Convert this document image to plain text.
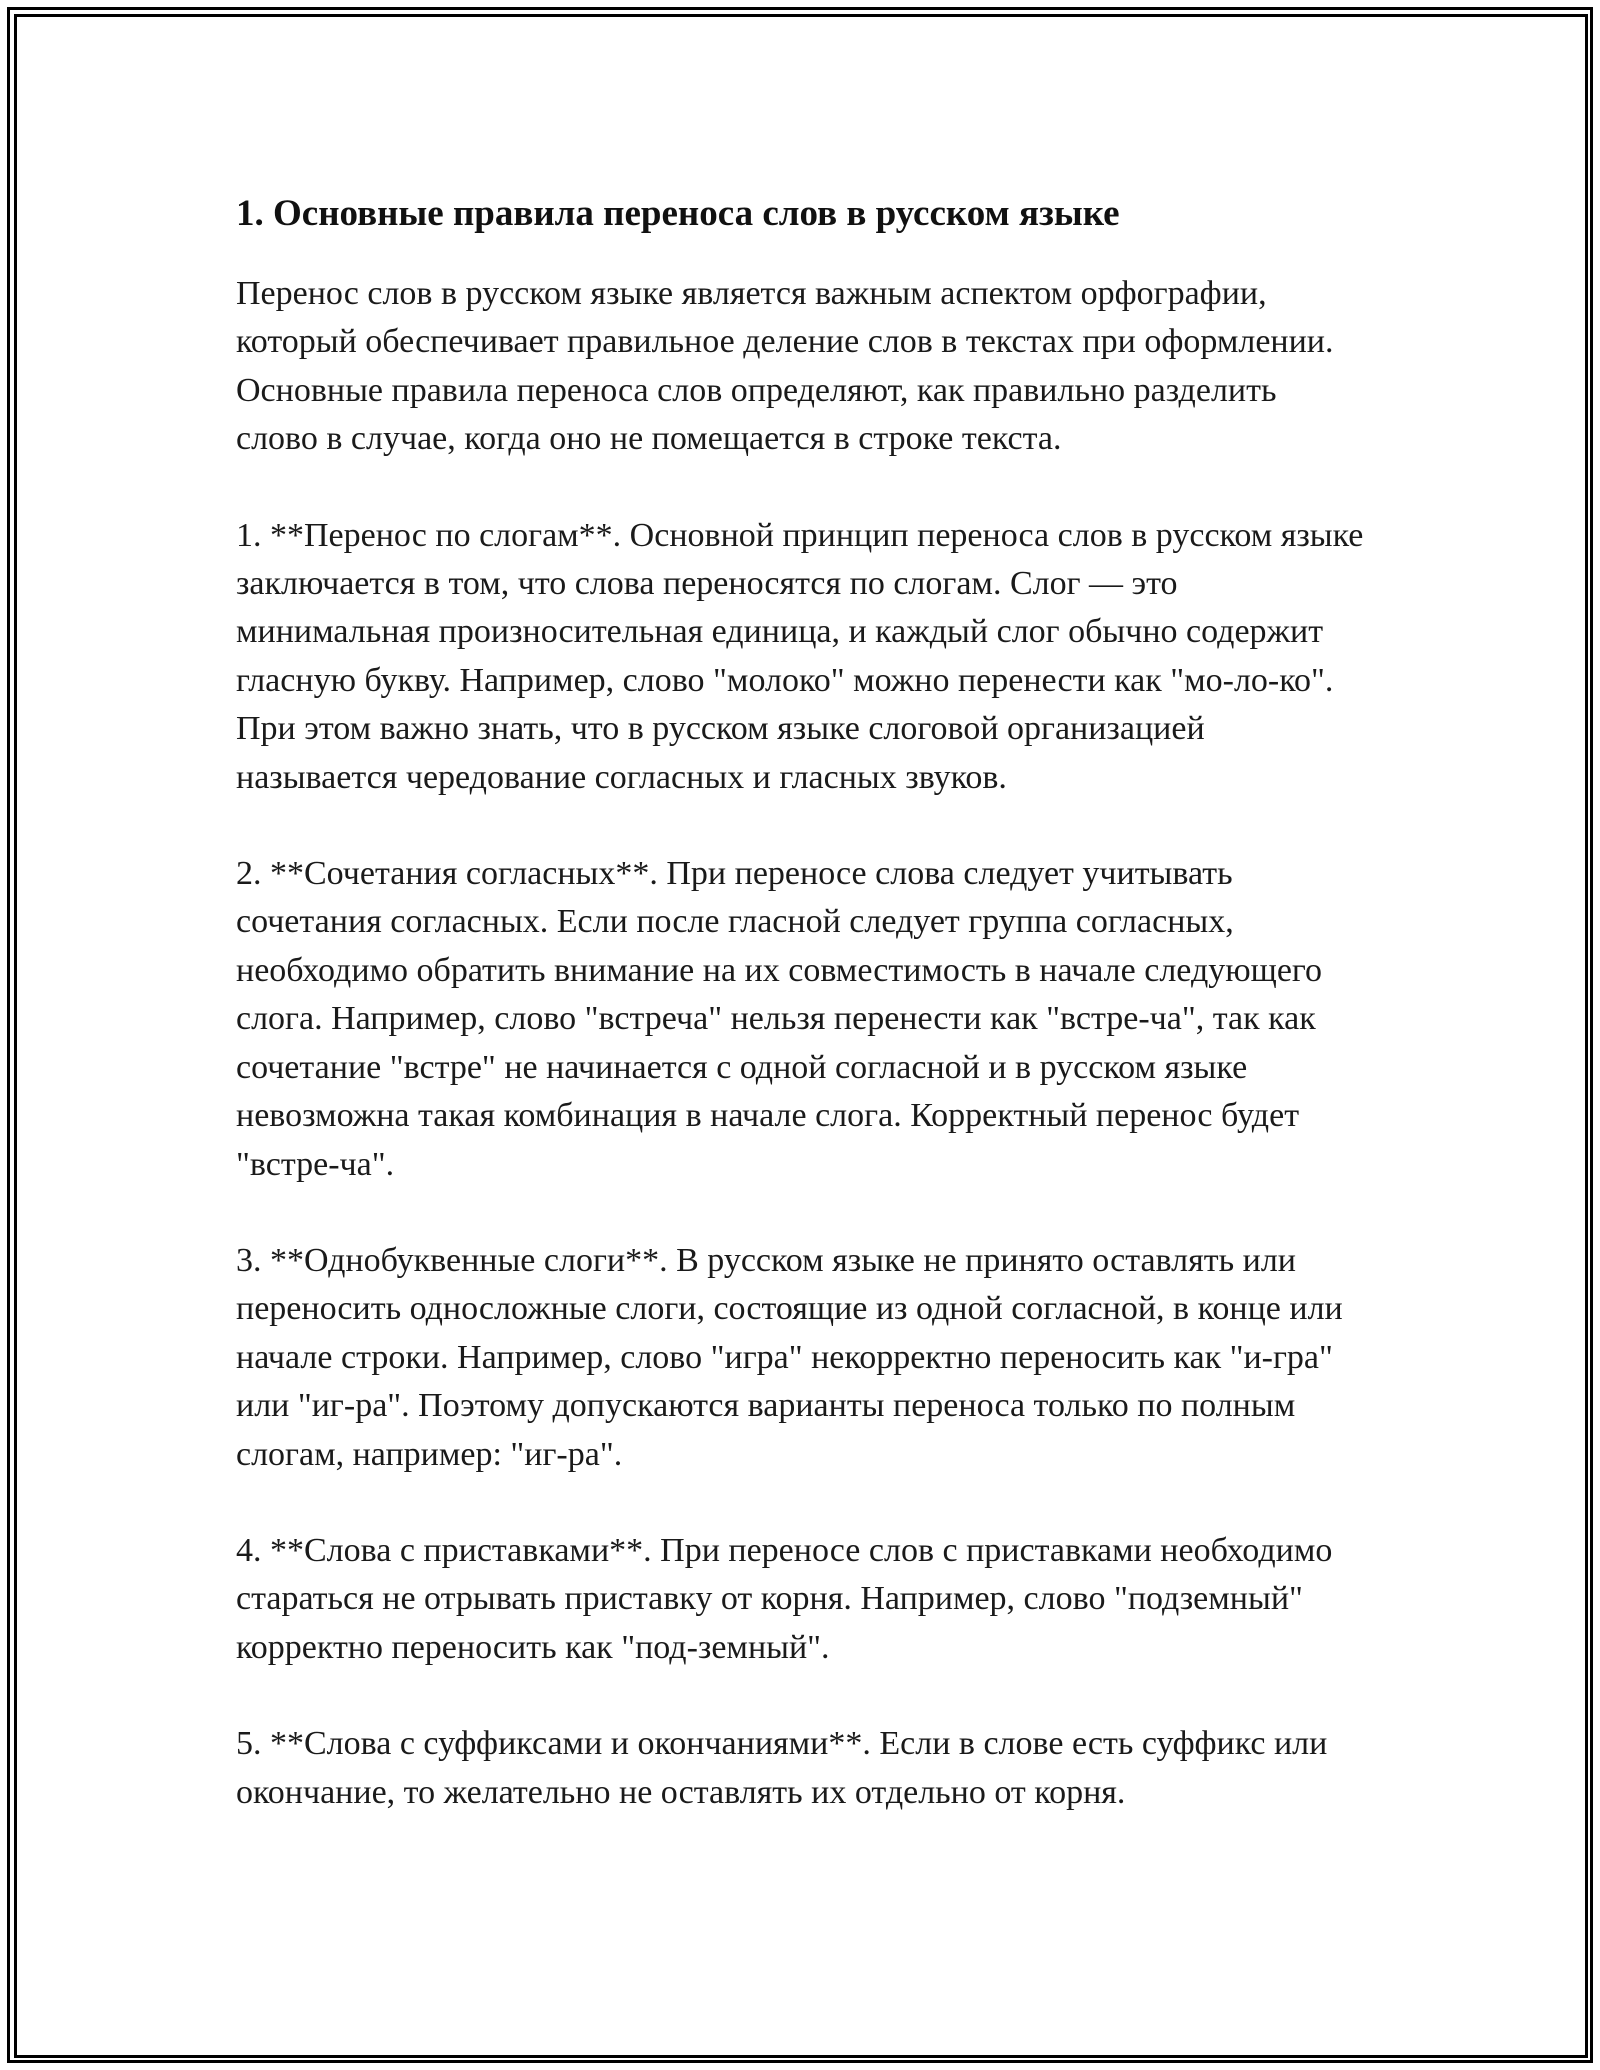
1. Основные правила переноса слов в русском языке

Перенос слов в русском языке является важным аспектом орфографии, который обеспечивает правильное деление слов в текстах при оформлении. Основные правила переноса слов определяют, как правильно разделить слово в случае, когда оно не помещается в строке текста.

1. **Перенос по слогам**. Основной принцип переноса слов в русском языке заключается в том, что слова переносятся по слогам. Слог — это минимальная произносительная единица, и каждый слог обычно содержит гласную букву. Например, слово "молоко" можно перенести как "мо-ло-ко". При этом важно знать, что в русском языке слоговой организацией называется чередование согласных и гласных звуков.

2. **Сочетания согласных**. При переносе слова следует учитывать сочетания согласных. Если после гласной следует группа согласных, необходимо обратить внимание на их совместимость в начале следующего слога. Например, слово "встреча" нельзя перенести как "встре-ча", так как сочетание "встре" не начинается с одной согласной и в русском языке невозможна такая комбинация в начале слога. Корректный перенос будет "встре-ча".

3. **Однобуквенные слоги**. В русском языке не принято оставлять или переносить односложные слоги, состоящие из одной согласной, в конце или начале строки. Например, слово "игра" некорректно переносить как "и-гра" или "иг-ра". Поэтому допускаются варианты переноса только по полным слогам, например: "иг-ра".

4. **Слова с приставками**. При переносе слов с приставками необходимо стараться не отрывать приставку от корня. Например, слово "подземный" корректно переносить как "под-земный".

5. **Слова с суффиксами и окончаниями**. Если в слове есть суффикс или окончание, то желательно не оставлять их отдельно от корня.
